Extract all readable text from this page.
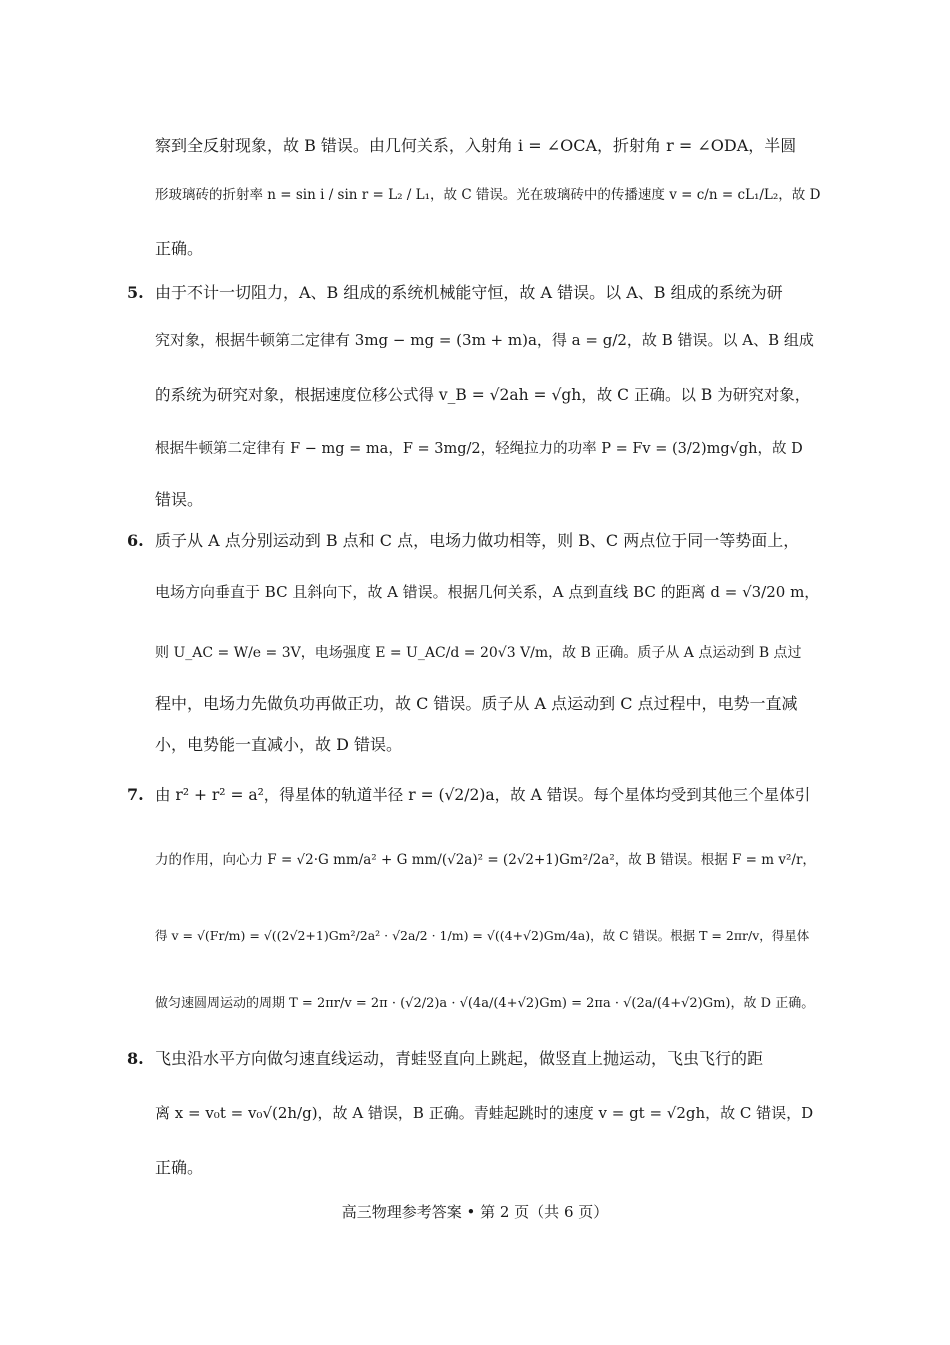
察到全反射现象，故 B 错误。由几何关系，入射角 i = ∠OCA，折射角 r = ∠ODA，半圆
形玻璃砖的折射率 n = sin i / sin r = L₂ / L₁，故 C 错误。光在玻璃砖中的传播速度 v = c/n = cL₁/L₂，故 D
正确。
5. 由于不计一切阻力，A、B 组成的系统机械能守恒，故 A 错误。以 A、B 组成的系统为研
究对象，根据牛顿第二定律有 3mg − mg = (3m + m)a，得 a = g/2，故 B 错误。以 A、B 组成
的系统为研究对象，根据速度位移公式得 v_B = √2ah = √gh，故 C 正确。以 B 为研究对象，
根据牛顿第二定律有 F − mg = ma，F = 3mg/2，轻绳拉力的功率 P = Fv = (3/2)mg√gh，故 D
错误。
6. 质子从 A 点分别运动到 B 点和 C 点，电场力做功相等，则 B、C 两点位于同一等势面上，
电场方向垂直于 BC 且斜向下，故 A 错误。根据几何关系，A 点到直线 BC 的距离 d = √3/20 m，
则 U_AC = W/e = 3V，电场强度 E = U_AC/d = 20√3 V/m，故 B 正确。质子从 A 点运动到 B 点过
程中，电场力先做负功再做正功，故 C 错误。质子从 A 点运动到 C 点过程中，电势一直减
小，电势能一直减小，故 D 错误。
7. 由 r² + r² = a²，得星体的轨道半径 r = (√2/2)a，故 A 错误。每个星体均受到其他三个星体引
力的作用，向心力 F = √2·G mm/a² + G mm/(√2a)² = (2√2+1)Gm²/2a²，故 B 错误。根据 F = m v²/r，
得 v = √(Fr/m) = √((2√2+1)Gm²/2a² · √2a/2 · 1/m) = √((4+√2)Gm/4a)，故 C 错误。根据 T = 2πr/v，得星体
做匀速圆周运动的周期 T = 2πr/v = 2π · (√2/2)a · √(4a/(4+√2)Gm) = 2πa · √(2a/(4+√2)Gm)，故 D 正确。
8. 飞虫沿水平方向做匀速直线运动，青蛙竖直向上跳起，做竖直上抛运动，飞虫飞行的距
离 x = v₀t = v₀√(2h/g)，故 A 错误，B 正确。青蛙起跳时的速度 v = gt = √2gh，故 C 错误，D
正确。
高三物理参考答案 • 第 2 页（共 6 页）
